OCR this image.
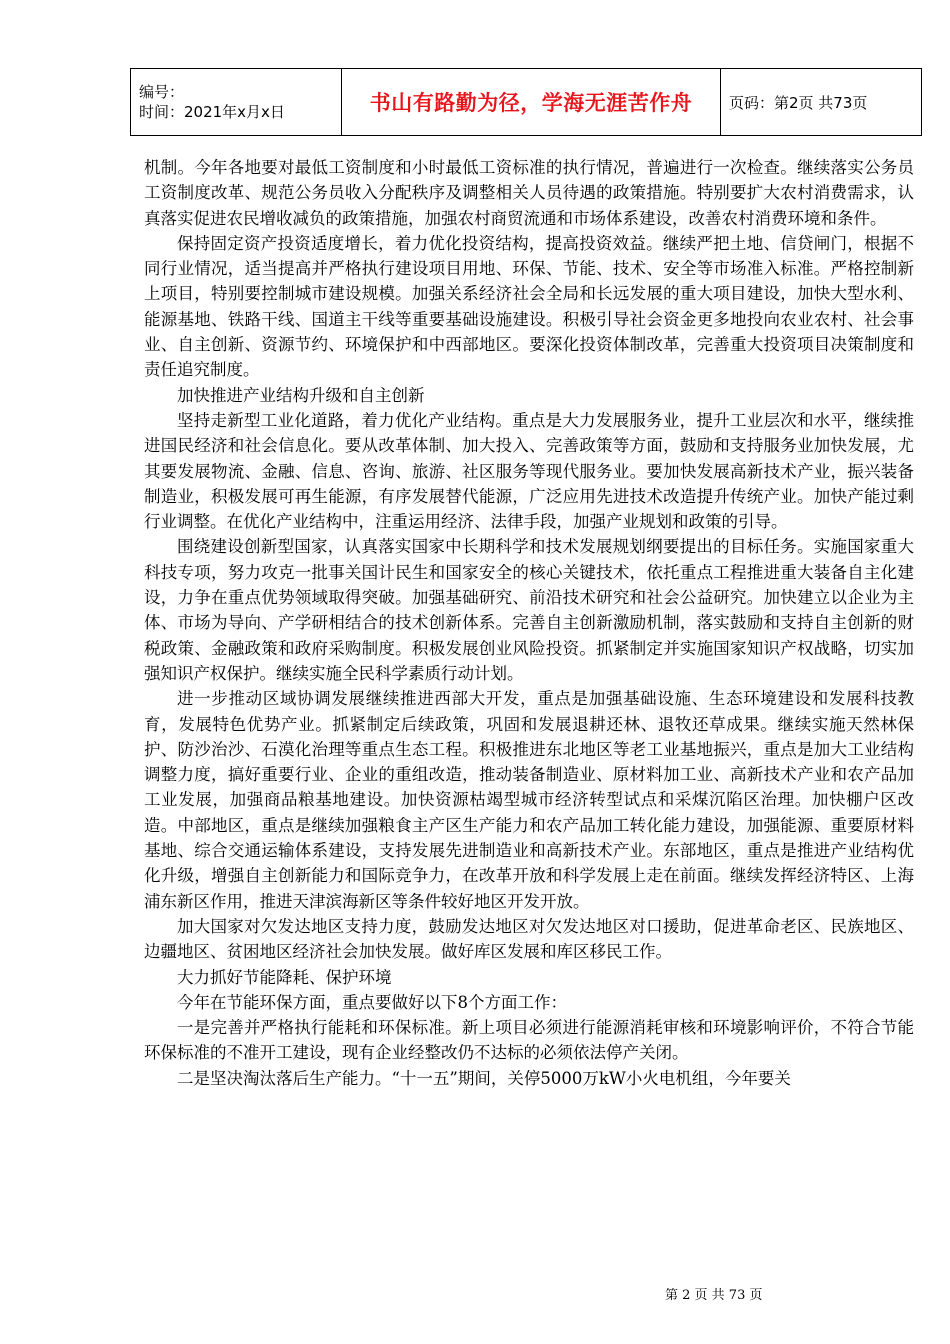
编号：
时间：2021年x月x日	书山有路勤为径，学海无涯苦作舟	页码：第2页 共73页

机制。今年各地要对最低工资制度和小时最低工资标准的执行情况，普遍进行一次检查。继续落实公务员工资制度改革、规范公务员收入分配秩序及调整相关人员待遇的政策措施。特别要扩大农村消费需求，认真落实促进农民增收减负的政策措施，加强农村商贸流通和市场体系建设，改善农村消费环境和条件。

保持固定资产投资适度增长，着力优化投资结构，提高投资效益。继续严把土地、信贷闸门，根据不同行业情况，适当提高并严格执行建设项目用地、环保、节能、技术、安全等市场准入标准。严格控制新上项目，特别要控制城市建设规模。加强关系经济社会全局和长远发展的重大项目建设，加快大型水利、能源基地、铁路干线、国道主干线等重要基础设施建设。积极引导社会资金更多地投向农业农村、社会事业、自主创新、资源节约、环境保护和中西部地区。要深化投资体制改革，完善重大投资项目决策制度和责任追究制度。

加快推进产业结构升级和自主创新

坚持走新型工业化道路，着力优化产业结构。重点是大力发展服务业，提升工业层次和水平，继续推进国民经济和社会信息化。要从改革体制、加大投入、完善政策等方面，鼓励和支持服务业加快发展，尤其要发展物流、金融、信息、咨询、旅游、社区服务等现代服务业。要加快发展高新技术产业，振兴装备制造业，积极发展可再生能源，有序发展替代能源，广泛应用先进技术改造提升传统产业。加快产能过剩行业调整。在优化产业结构中，注重运用经济、法律手段，加强产业规划和政策的引导。

围绕建设创新型国家，认真落实国家中长期科学和技术发展规划纲要提出的目标任务。实施国家重大科技专项，努力攻克一批事关国计民生和国家安全的核心关键技术，依托重点工程推进重大装备自主化建设，力争在重点优势领域取得突破。加强基础研究、前沿技术研究和社会公益研究。加快建立以企业为主体、市场为导向、产学研相结合的技术创新体系。完善自主创新激励机制，落实鼓励和支持自主创新的财税政策、金融政策和政府采购制度。积极发展创业风险投资。抓紧制定并实施国家知识产权战略，切实加强知识产权保护。继续实施全民科学素质行动计划。

进一步推动区域协调发展继续推进西部大开发，重点是加强基础设施、生态环境建设和发展科技教育，发展特色优势产业。抓紧制定后续政策，巩固和发展退耕还林、退牧还草成果。继续实施天然林保护、防沙治沙、石漠化治理等重点生态工程。积极推进东北地区等老工业基地振兴，重点是加大工业结构调整力度，搞好重要行业、企业的重组改造，推动装备制造业、原材料加工业、高新技术产业和农产品加工业发展，加强商品粮基地建设。加快资源枯竭型城市经济转型试点和采煤沉陷区治理。加快棚户区改造。中部地区，重点是继续加强粮食主产区生产能力和农产品加工转化能力建设，加强能源、重要原材料基地、综合交通运输体系建设，支持发展先进制造业和高新技术产业。东部地区，重点是推进产业结构优化升级，增强自主创新能力和国际竞争力，在改革开放和科学发展上走在前面。继续发挥经济特区、上海浦东新区作用，推进天津滨海新区等条件较好地区开发开放。

加大国家对欠发达地区支持力度，鼓励发达地区对欠发达地区对口援助，促进革命老区、民族地区、边疆地区、贫困地区经济社会加快发展。做好库区发展和库区移民工作。

大力抓好节能降耗、保护环境

今年在节能环保方面，重点要做好以下8个方面工作：

一是完善并严格执行能耗和环保标准。新上项目必须进行能源消耗审核和环境影响评价，不符合节能环保标准的不准开工建设，现有企业经整改仍不达标的必须依法停产关闭。

二是坚决淘汰落后生产能力。“十一五”期间，关停5000万kW小火电机组，今年要关

第 2 页 共 73 页
